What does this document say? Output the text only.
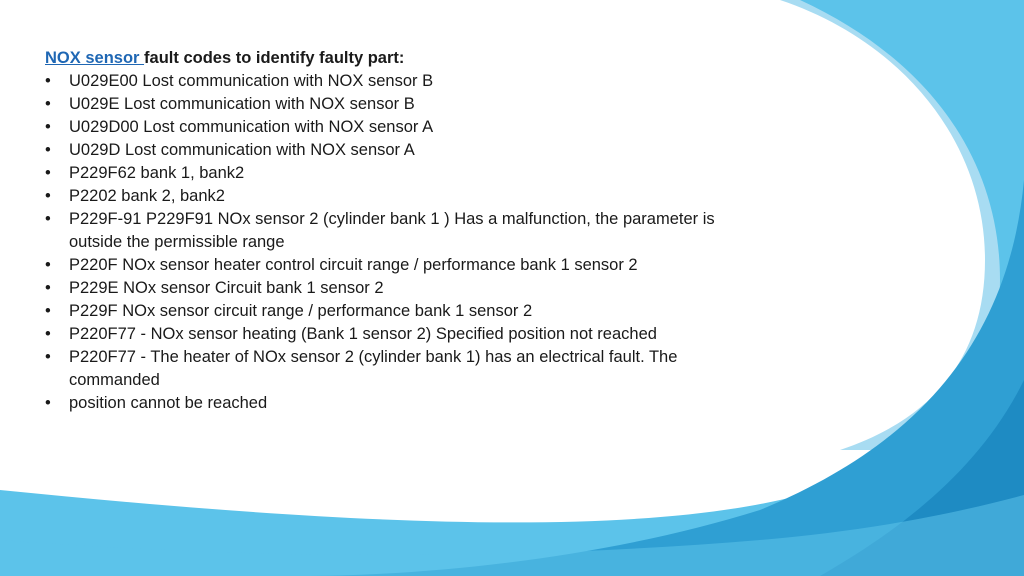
NOX sensor fault codes to identify faulty part:

• U029E00 Lost communication with NOX sensor B
• U029E Lost communication with NOX sensor B
• U029D00 Lost communication with NOX sensor A
• U029D Lost communication with NOX sensor A
• P229F62 bank 1, bank2
• P2202 bank 2, bank2
• P229F-91 P229F91 NOx sensor 2 (cylinder bank 1 ) Has a malfunction, the parameter is outside the permissible range
• P220F NOx sensor heater control circuit range / performance bank 1 sensor 2
• P229E NOx sensor Circuit bank 1 sensor 2
• P229F NOx sensor circuit range / performance bank 1 sensor 2
• P220F77 - NOx sensor heating (Bank 1 sensor 2) Specified position not reached
• P220F77 - The heater of NOx sensor 2 (cylinder bank 1) has an electrical fault. The commanded
• position cannot be reached
